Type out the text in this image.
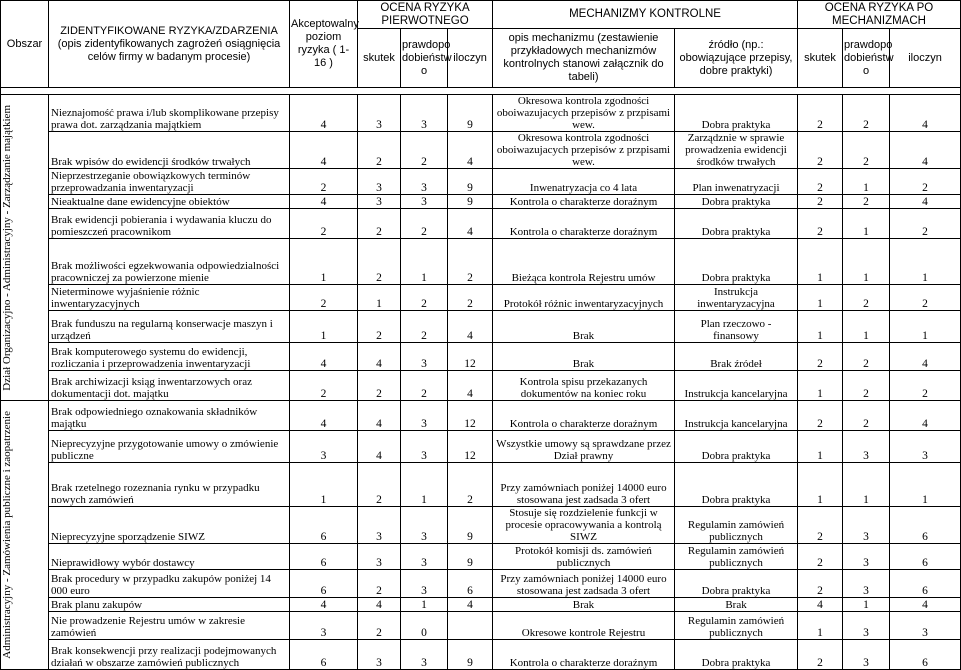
Obszar	ZIDENTYFIKOWANE RYZYKA/ZDARZENIA (opis zidentyfikowanych zagrożeń osiągnięcia celów firmy w badanym procesie)	Akceptowalny poziom ryzyka ( 1- 16 )	OCENA RYZYKA PIERWOTNEGO			MECHANIZMY KONTROLNE		OCENA RYZYKA PO MECHANIZMACH		
			skutek	prawdopo dobieństw o	iloczyn	opis mechanizmu (zestawienie przykładowych mechanizmów kontrolnych stanowi załącznik do tabeli)	źródło (np.: obowiązujące przepisy, dobre praktyki)	skutek	prawdopo dobieństw o	iloczyn

Dział Organizacyjno - Administracyjny - Zarządzanie majątkiem	Nieznajomość prawa i/lub skomplikowane przepisy prawa dot. zarządzania majątkiem	4	3	3	9	Okresowa kontrola zgodności oboiwazujacych przepisów z przpisami wew.	Dobra praktyka	2	2	4
	Brak wpisów do ewidencji środków trwałych	4	2	2	4	Okresowa kontrola zgodności oboiwazujacych przepisów z przpisami wew.	Zarządznie w sprawie prowadzenia ewidencji środków trwałych	2	2	4
	Nieprzestrzeganie obowiązkowych terminów przeprowadzania inwentaryzacji	2	3	3	9	Inwenatryzacja co 4 lata	Plan inwenatryzacji	2	1	2
	Nieaktualne dane ewidencyjne obiektów	4	3	3	9	Kontrola o charakterze doraźnym	Dobra praktyka	2	2	4
	Brak ewidencji pobierania i wydawania kluczu do pomieszczeń pracownikom	2	2	2	4	Kontrola o charakterze doraźnym	Dobra praktyka	2	1	2
	Brak możliwości egzekwowania odpowiedzialności pracowniczej za powierzone mienie	1	2	1	2	Bieżąca kontrola Rejestru umów	Dobra praktyka	1	1	1
	Nieterminowe wyjaśnienie różnic inwentaryzacyjnych	2	1	2	2	Protokół różnic inwentaryzacyjnych	Instrukcja inwentaryzacyjna	1	2	2
	Brak funduszu na regularną konserwacje maszyn i urządzeń	1	2	2	4	Brak	Plan rzeczowo - finansowy	1	1	1
	Brak komputerowego systemu do ewidencji, rozliczania i przeprowadzenia inwentaryzacji	4	4	3	12	Brak	Brak źródeł	2	2	4
	Brak archiwizacji ksiąg inwentarzowych oraz dokumentacji dot. majątku	2	2	2	4	Kontrola spisu przekazanych dokumentów na koniec roku	Instrukcja kancelaryjna	1	2	2

Administracyjny - Zamówienia publiczne i zaopatrzenie	Brak odpowiedniego oznakowania składników majątku	4	4	3	12	Kontrola o charakterze doraźnym	Instrukcja kancelaryjna	2	2	4
	Nieprecyzyjne przygotowanie umowy o zmówienie publiczne	3	4	3	12	Wszystkie umowy są sprawdzane przez Dział prawny	Dobra praktyka	1	3	3
	Brak rzetelnego rozeznania rynku w przypadku nowych zamówień	1	2	1	2	Przy zamówniach poniżej 14000 euro stosowana jest zadsada 3 ofert	Dobra praktyka	1	1	1
	Nieprecyzyjne sporządzenie SIWZ	6	3	3	9	Stosuje się rozdzielenie funkcji w procesie opracowywania a kontrolą SIWZ	Regulamin zamówień publicznych	2	3	6
	Nieprawidłowy wybór dostawcy	6	3	3	9	Protokół komisji ds. zamówień publicznych	Regulamin zamówień publicznych	2	3	6
	Brak procedury w przypadku zakupów poniżej 14 000 euro	6	2	3	6	Przy zamówniach poniżej 14000 euro stosowana jest zadsada 3 ofert	Dobra praktyka	2	3	6
	Brak planu zakupów	4	4	1	4	Brak	Brak	4	1	4
	Nie prowadzenie Rejestru umów w zakresie zamówień	3	2	0		Okresowe kontrole Rejestru	Regulamin zamówień publicznych	1	3	3
	Brak konsekwencji przy realizacji podejmowanych działań w obszarze zamówień publicznych	6	3	3	9	Kontrola o charakterze doraźnym	Dobra praktyka	2	3	6
